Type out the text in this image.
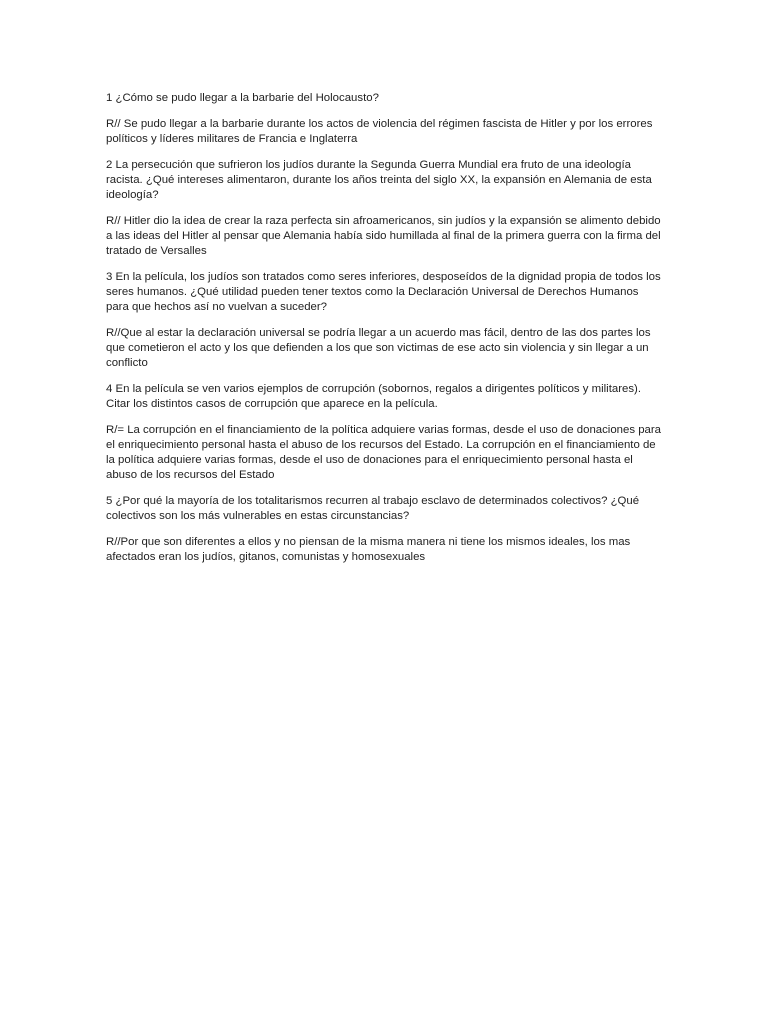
1 ¿Cómo se pudo llegar a la barbarie del Holocausto?

R// Se pudo llegar a la barbarie durante los actos de violencia del régimen fascista de Hitler y por los errores políticos y líderes militares de Francia e Inglaterra

2 La persecución que sufrieron los judíos durante la Segunda Guerra Mundial era fruto de una ideología racista. ¿Qué intereses alimentaron, durante los años treinta del siglo XX, la expansión en Alemania de esta ideología?

R// Hitler dio la idea de crear la raza perfecta sin afroamericanos, sin judíos y la expansión se alimento debido a las ideas del Hitler al pensar que Alemania había sido humillada al final de la primera guerra con la firma del tratado de Versalles

3 En la película, los judíos son tratados como seres inferiores, desposeídos de la dignidad propia de todos los seres humanos. ¿Qué utilidad pueden tener textos como la Declaración Universal de Derechos Humanos para que hechos así no vuelvan a suceder?

R//Que al estar la declaración universal se podría llegar a un acuerdo mas fácil, dentro de las dos partes los que cometieron el acto y los que defienden a los que son victimas de ese acto sin violencia y sin llegar a un conflicto

4 En la película se ven varios ejemplos de corrupción (sobornos, regalos a dirigentes políticos y militares). Citar los distintos casos de corrupción que aparece en la película.

R/= La corrupción en el financiamiento de la política adquiere varias formas, desde el uso de donaciones para el enriquecimiento personal hasta el abuso de los recursos del Estado. La corrupción en el financiamiento de la política adquiere varias formas, desde el uso de donaciones para el enriquecimiento personal hasta el abuso de los recursos del Estado

5 ¿Por qué la mayoría de los totalitarismos recurren al trabajo esclavo de determinados colectivos? ¿Qué colectivos son los más vulnerables en estas circunstancias?

R//Por que son diferentes a ellos y no piensan de la misma manera ni tiene los mismos ideales, los mas afectados eran los judíos, gitanos, comunistas y homosexuales
